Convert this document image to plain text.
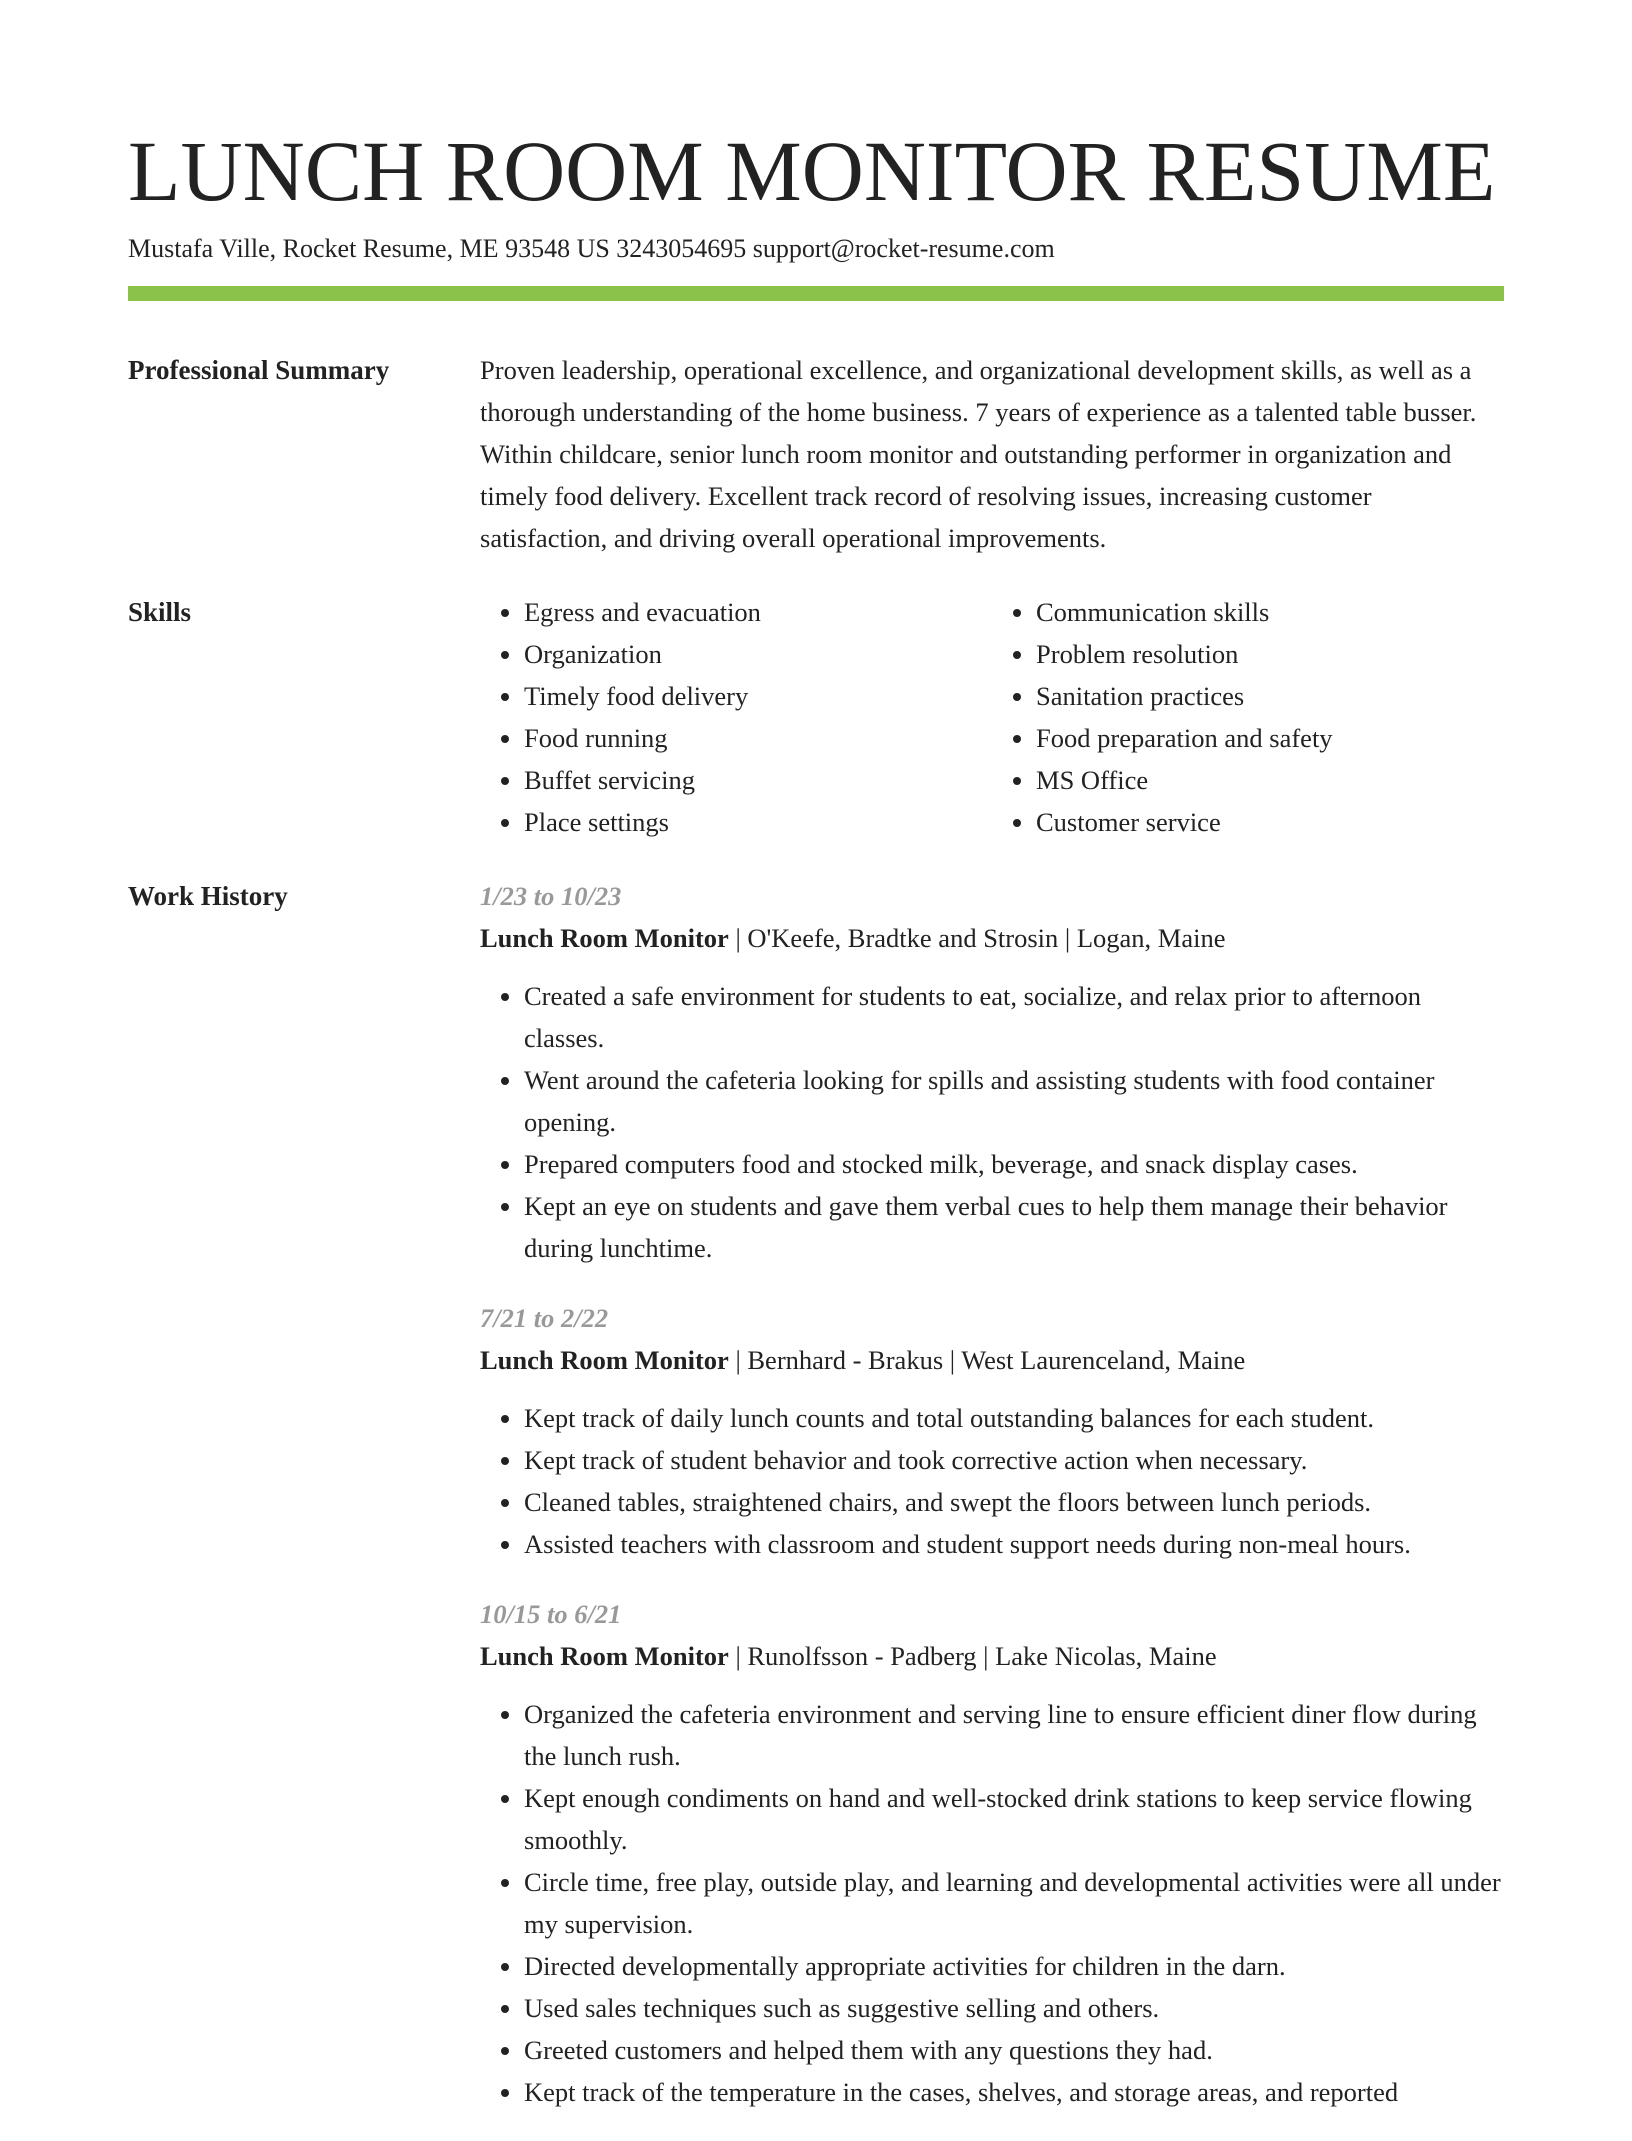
LUNCH ROOM MONITOR RESUME
Mustafa Ville, Rocket Resume, ME 93548 US 3243054695 support@rocket-resume.com
Professional Summary	Proven leadership, operational excellence, and organizational development skills, as well as a thorough understanding of the home business. 7 years of experience as a talented table busser. Within childcare, senior lunch room monitor and outstanding performer in organization and timely food delivery. Excellent track record of resolving issues, increasing customer satisfaction, and driving overall operational improvements.

Skills
•	Egress and evacuation
• Organization
• Timely food delivery
• Food running
• Buffet servicing
• Place settings
• Communication skills
• Problem resolution
• Sanitation practices
• Food preparation and safety
• MS Office
• Customer service
Work History	1/23 to 10/23
Lunch Room Monitor | O'Keefe, Bradtke and Strosin | Logan, Maine
• Created a safe environment for students to eat, socialize, and relax prior to afternoon classes.
• Went around the cafeteria looking for spills and assisting students with food container opening.
• Prepared computers food and stocked milk, beverage, and snack display cases.
• Kept an eye on students and gave them verbal cues to help them manage their behavior during lunchtime.
7/21 to 2/22
Lunch Room Monitor | Bernhard - Brakus | West Laurenceland, Maine
• Kept track of daily lunch counts and total outstanding balances for each student.
• Kept track of student behavior and took corrective action when necessary.
• Cleaned tables, straightened chairs, and swept the floors between lunch periods.
• Assisted teachers with classroom and student support needs during non-meal hours.
10/15 to 6/21
Lunch Room Monitor | Runolfsson - Padberg | Lake Nicolas, Maine
• Organized the cafeteria environment and serving line to ensure efficient diner flow during the lunch rush.
• Kept enough condiments on hand and well-stocked drink stations to keep service flowing smoothly.
• Circle time, free play, outside play, and learning and developmental activities were all under my supervision.
• Directed developmentally appropriate activities for children in the darn.
• Used sales techniques such as suggestive selling and others.
• Greeted customers and helped them with any questions they had.
• Kept track of the temperature in the cases, shelves, and storage areas, and reported
